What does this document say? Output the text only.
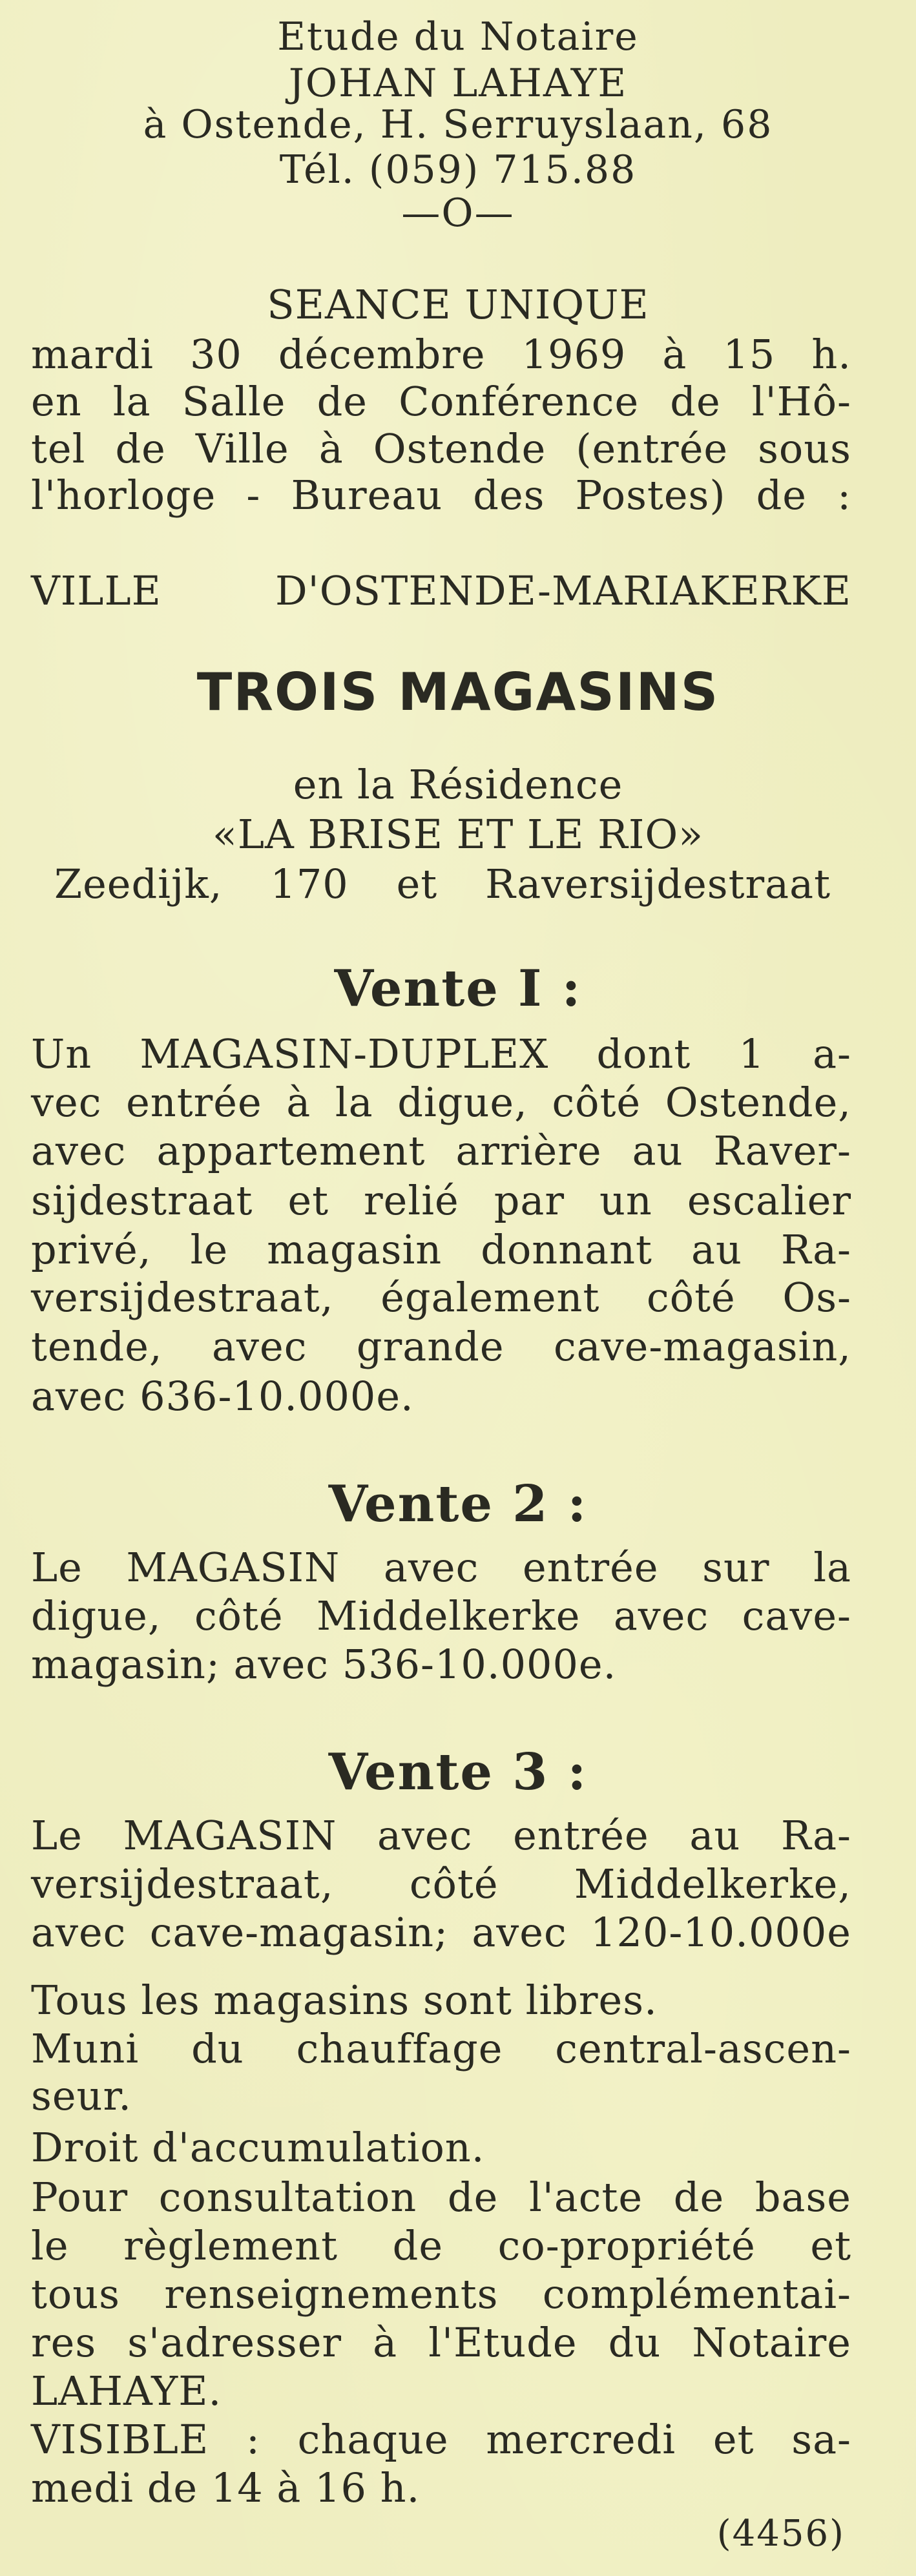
Etude du Notaire
JOHAN LAHAYE
à Ostende, H. Serruyslaan, 68
Tél. (059) 715.88
—O—
SEANCE UNIQUE
mardi 30 décembre 1969 à 15 h.
en la Salle de Conférence de l'Hô-
tel de Ville à Ostende (entrée sous
l'horloge - Bureau des Postes) de :
VILLE D'OSTENDE-MARIAKERKE
TROIS MAGASINS
en la Résidence
«LA BRISE ET LE RIO»
Zeedijk, 170 et Raversijdestraat
Vente I :
Un MAGASIN-DUPLEX dont 1 a-
vec entrée à la digue, côté Ostende,
avec appartement arrière au Raver-
sijdestraat et relié par un escalier
privé, le magasin donnant au Ra-
versijdestraat, également côté Os-
tende, avec grande cave-magasin,
avec 636-10.000e.
Vente 2 :
Le MAGASIN avec entrée sur la
digue, côté Middelkerke avec cave-
magasin; avec 536-10.000e.
Vente 3 :
Le MAGASIN avec entrée au Ra-
versijdestraat, côté Middelkerke,
avec cave-magasin; avec 120-10.000e
Tous les magasins sont libres.
Muni du chauffage central-ascen-
seur.
Droit d'accumulation.
Pour consultation de l'acte de base
le règlement de co-propriété et
tous renseignements complémentai-
res s'adresser à l'Etude du Notaire
LAHAYE.
VISIBLE : chaque mercredi et sa-
medi de 14 à 16 h.
(4456)
